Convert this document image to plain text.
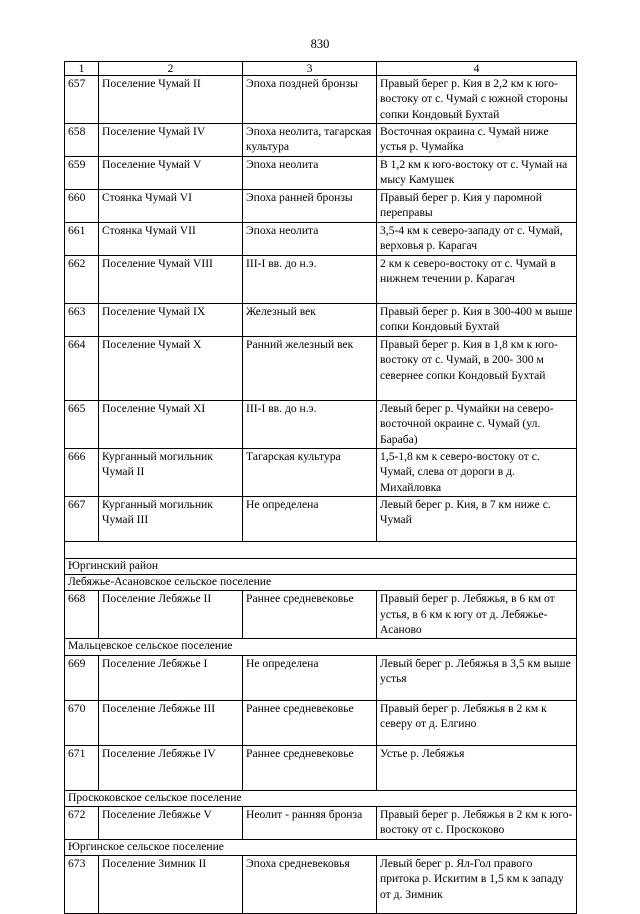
830
1	2	3	4
657	Поселение Чумай II	Эпоха поздней бронзы	Правый берег р. Кия в 2,2 км к юго-востоку от с. Чумай с южной стороны сопки Кондовый Бухтай
658	Поселение Чумай IV	Эпоха неолита, тагарская культура	Восточная окраина с. Чумай ниже устья р. Чумайка
659	Поселение Чумай V	Эпоха неолита	В 1,2 км к юго-востоку от с. Чумай на мысу Камушек
660	Стоянка Чумай VI	Эпоха ранней бронзы	Правый берег р. Кия у паромной переправы
661	Стоянка Чумай VII	Эпоха неолита	3,5-4 км к северо-западу от с. Чумай, верховья р. Карагач
662	Поселение Чумай VIII	III-I вв. до н.э.	2 км к северо-востоку от с. Чумай в нижнем течении р. Карагач
663	Поселение Чумай IX	Железный век	Правый берег р. Кия в 300-400 м выше сопки Кондовый Бухтай
664	Поселение Чумай X	Ранний железный век	Правый берег р. Кия в 1,8 км к юго-востоку от с. Чумай, в 200- 300 м севернее сопки Кондовый Бухтай
665	Поселение Чумай XI	III-I вв. до н.э.	Левый берег р. Чумайки на северо-восточной окраине с. Чумай (ул. Бараба)
666	Курганный могильник Чумай II	Тагарская культура	1,5-1,8 км к северо-востоку от с. Чумай, слева от дороги в д. Михайловка
667	Курганный могильник Чумай III	Не определена	Левый берег р. Кия, в 7 км ниже с. Чумай

Юргинский район			
Лебяжье-Асановское сельское поселение			
668	Поселение Лебяжье II	Раннее средневековье	Правый берег р. Лебяжья, в 6 км от устья, в 6 км к югу от д. Лебяжье-Асаново
Мальцевское сельское поселение			
669	Поселение Лебяжье I	Не определена	Левый берег р. Лебяжья в 3,5 км выше устья
670	Поселение Лебяжье III	Раннее средневековье	Правый берег р. Лебяжья в 2 км к северу от д. Елгино
671	Поселение Лебяжье IV	Раннее средневековье	Устье р. Лебяжья
Проскоковское сельское поселение			
672	Поселение Лебяжье V	Неолит - ранняя бронза	Правый берег р. Лебяжья в 2 км к юго-востоку от с. Проскоково
Юргинское сельское поселение			
673	Поселение Зимник II	Эпоха средневековья	Левый берег р. Ял-Гол правого притока р. Искитим в 1,5 км к западу от д. Зимник
